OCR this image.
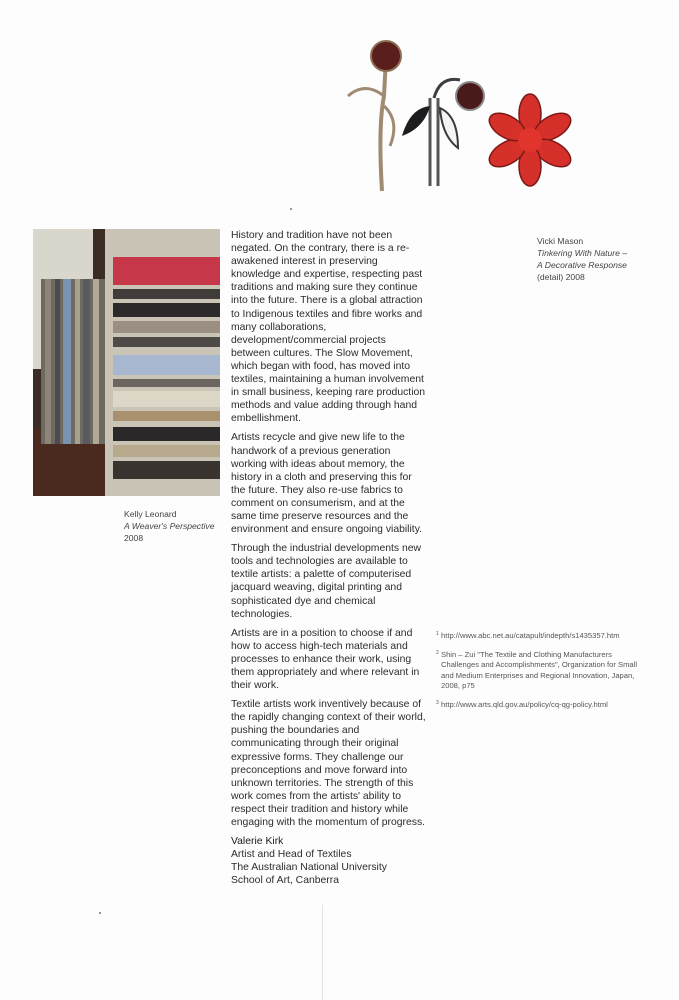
Kelly Leonard
A Weaver's Perspective
2008
Vicki Mason
Tinkering With Nature –
A Decorative Response
(detail) 2008

History and tradition have not been negated. On the contrary, there is a re-awakened interest in preserving knowledge and expertise, respecting past traditions and making sure they continue into the future. There is a global attraction to Indigenous textiles and fibre works and many collaborations, development/commercial projects between cultures. The Slow Movement, which began with food, has moved into textiles, maintaining a human involvement in small business, keeping rare production methods and value adding through hand embellishment.

Artists recycle and give new life to the handwork of a previous generation working with ideas about memory, the history in a cloth and preserving this for the future. They also re-use fabrics to comment on consumerism, and at the same time preserve resources and the environment and ensure ongoing viability.

Through the industrial developments new tools and technologies are available to textile artists: a palette of computerised jacquard weaving, digital printing and sophisticated dye and chemical technologies.

Artists are in a position to choose if and how to access high-tech materials and processes to enhance their work, using them appropriately and where relevant in their work.

Textile artists work inventively because of the rapidly changing context of their world, pushing the boundaries and communicating through their original expressive forms. They challenge our preconceptions and move forward into unknown territories. The strength of this work comes from the artists' ability to respect their tradition and history while engaging with the momentum of progress.

Valerie Kirk
Artist and Head of Textiles
The Australian National University
School of Art, Canberra
1 http://www.abc.net.au/catapult/indepth/s1435357.htm
2 Shin – Zui "The Textile and Clothing Manufacturers Challenges and Accomplishments", Organization for Small and Medium Enterprises and Regional Innovation, Japan, 2008, p75
3 http://www.arts.qld.gov.au/policy/cq-qg-policy.html
